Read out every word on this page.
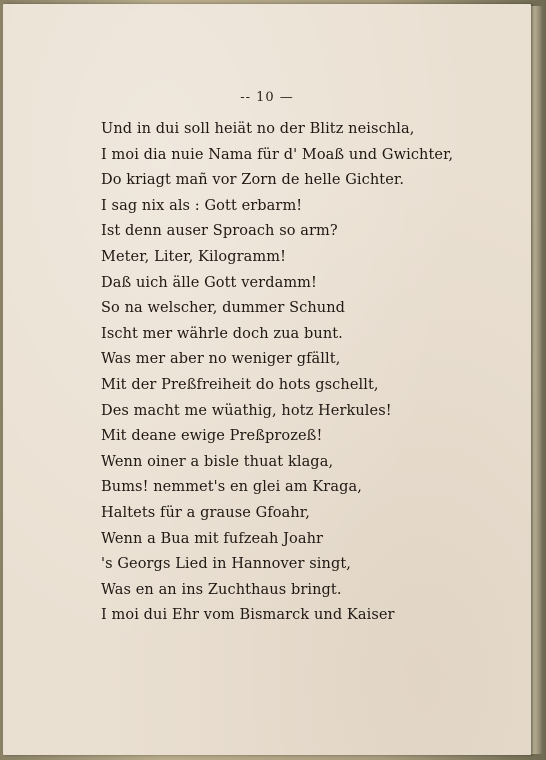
-- 10 —
Und in dui soll heiät no der Blitz neischla,
I moi dia nuie Nama für d' Moaß und Gwichter,
Do kriagt mañ vor Zorn de helle Gichter.
I sag nix als : Gott erbarm!
Ist denn auser Sproach so arm?
Meter, Liter, Kilogramm!
Daß uich älle Gott verdamm!
So na welscher, dummer Schund
Ischt mer währle doch zua bunt.
Was mer aber no weniger gfällt,
Mit der Preßfreiheit do hots gschellt,
Des macht me wüathig, hotz Herkules!
Mit deane ewige Preßprozeß!
Wenn oiner a bisle thuat klaga,
Bums! nemmet's en glei am Kraga,
Haltets für a grause Gfoahr,
Wenn a Bua mit fufzeah Joahr
's Georgs Lied in Hannover singt,
Was en an ins Zuchthaus bringt.
I moi dui Ehr vom Bismarck und Kaiser
